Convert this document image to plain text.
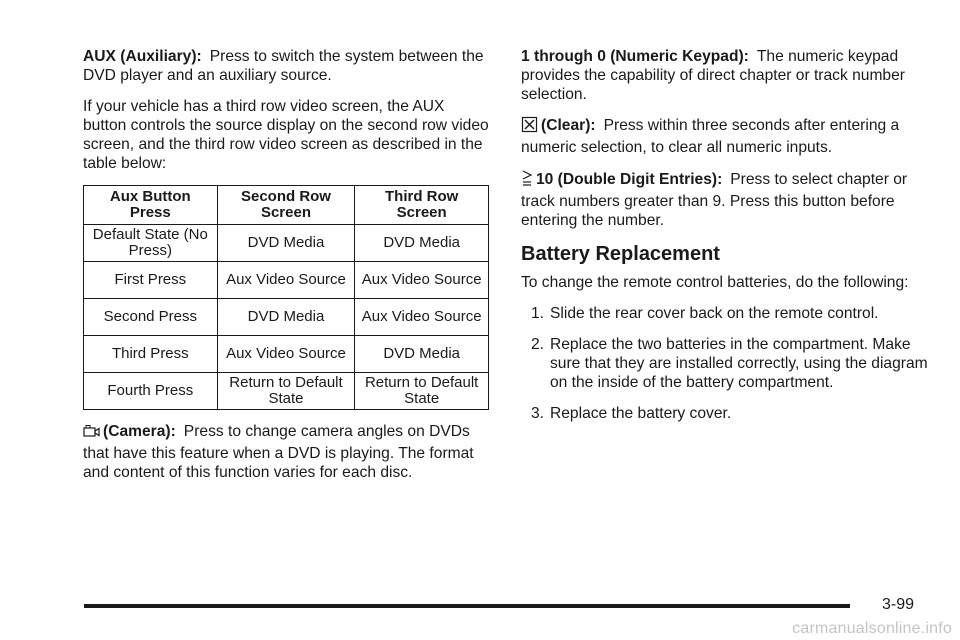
AUX (Auxiliary): Press to switch the system between the DVD player and an auxiliary source.

If your vehicle has a third row video screen, the AUX button controls the source display on the second row video screen, and the third row video screen as described in the table below:

Aux Button Press	Second Row Screen	Third Row Screen
Default State (No Press)	DVD Media	DVD Media
First Press	Aux Video Source	Aux Video Source
Second Press	DVD Media	Aux Video Source
Third Press	Aux Video Source	DVD Media
Fourth Press	Return to Default State	Return to Default State

(Camera): Press to change camera angles on DVDs that have this feature when a DVD is playing. The format and content of this function varies for each disc.

1 through 0 (Numeric Keypad): The numeric keypad provides the capability of direct chapter or track number selection.

(Clear): Press within three seconds after entering a numeric selection, to clear all numeric inputs.

10 (Double Digit Entries): Press to select chapter or track numbers greater than 9. Press this button before entering the number.

Battery Replacement

To change the remote control batteries, do the following:

1. Slide the rear cover back on the remote control.
2. Replace the two batteries in the compartment. Make sure that they are installed correctly, using the diagram on the inside of the battery compartment.
3. Replace the battery cover.
3-99
carmanualsonline.info
